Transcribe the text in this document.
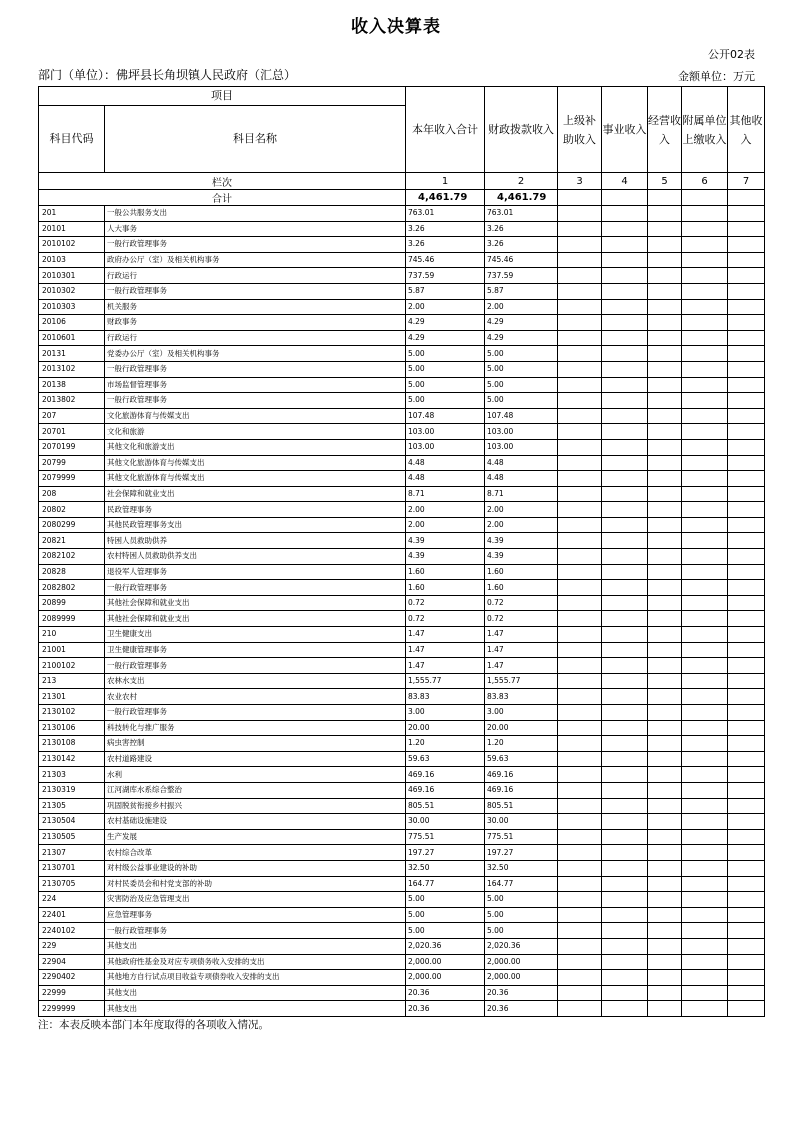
收入决算表
公开02表
部门（单位）：佛坪县长角坝镇人民政府（汇总）	金额单位：万元
项目		本年收入合计	财政拨款收入	上级补助收入	事业收入	经营收入	附属单位上缴收入	其他收入
科目代码	科目名称							
栏次		1	2	3	4	5	6	7
合计		4,461.79	4,461.79					
201	一般公共服务支出	763.01	763.01					
20101	人大事务	3.26	3.26					
2010102	一般行政管理事务	3.26	3.26					
20103	政府办公厅（室）及相关机构事务	745.46	745.46					
2010301	行政运行	737.59	737.59					
2010302	一般行政管理事务	5.87	5.87					
2010303	机关服务	2.00	2.00					
20106	财政事务	4.29	4.29					
2010601	行政运行	4.29	4.29					
20131	党委办公厅（室）及相关机构事务	5.00	5.00					
2013102	一般行政管理事务	5.00	5.00					
20138	市场监督管理事务	5.00	5.00					
2013802	一般行政管理事务	5.00	5.00					
207	文化旅游体育与传媒支出	107.48	107.48					
20701	文化和旅游	103.00	103.00					
2070199	其他文化和旅游支出	103.00	103.00					
20799	其他文化旅游体育与传媒支出	4.48	4.48					
2079999	其他文化旅游体育与传媒支出	4.48	4.48					
208	社会保障和就业支出	8.71	8.71					
20802	民政管理事务	2.00	2.00					
2080299	其他民政管理事务支出	2.00	2.00					
20821	特困人员救助供养	4.39	4.39					
2082102	农村特困人员救助供养支出	4.39	4.39					
20828	退役军人管理事务	1.60	1.60					
2082802	一般行政管理事务	1.60	1.60					
20899	其他社会保障和就业支出	0.72	0.72					
2089999	其他社会保障和就业支出	0.72	0.72					
210	卫生健康支出	1.47	1.47					
21001	卫生健康管理事务	1.47	1.47					
2100102	一般行政管理事务	1.47	1.47					
213	农林水支出	1,555.77	1,555.77					
21301	农业农村	83.83	83.83					
2130102	一般行政管理事务	3.00	3.00					
2130106	科技转化与推广服务	20.00	20.00					
2130108	病虫害控制	1.20	1.20					
2130142	农村道路建设	59.63	59.63					
21303	水利	469.16	469.16					
2130319	江河湖库水系综合整治	469.16	469.16					
21305	巩固脱贫衔接乡村振兴	805.51	805.51					
2130504	农村基础设施建设	30.00	30.00					
2130505	生产发展	775.51	775.51					
21307	农村综合改革	197.27	197.27					
2130701	对村级公益事业建设的补助	32.50	32.50					
2130705	对村民委员会和村党支部的补助	164.77	164.77					
224	灾害防治及应急管理支出	5.00	5.00					
22401	应急管理事务	5.00	5.00					
2240102	一般行政管理事务	5.00	5.00					
229	其他支出	2,020.36	2,020.36					
22904	其他政府性基金及对应专项债务收入安排的支出	2,000.00	2,000.00					
2290402	其他地方自行试点项目收益专项债券收入安排的支出	2,000.00	2,000.00					
22999	其他支出	20.36	20.36					
2299999	其他支出	20.36	20.36					
注：本表反映本部门本年度取得的各项收入情况。
